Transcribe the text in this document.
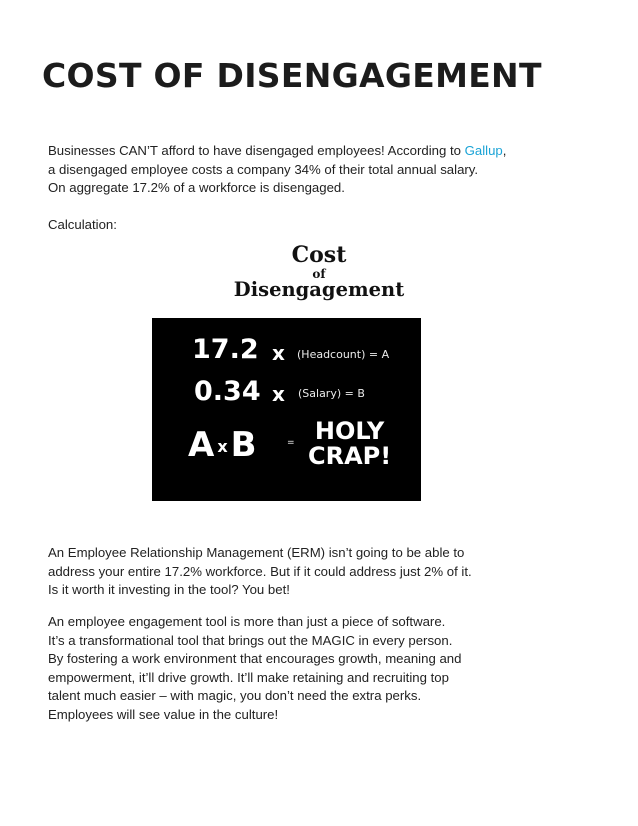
COST OF DISENGAGEMENT
Businesses CAN’T afford to have disengaged employees! According to Gallup,
a disengaged employee costs a company 34% of their total annual salary.
On aggregate 17.2% of a workforce is disengaged.

Calculation:

Cost
of
Disengagement
17.2 x (Headcount) = A
0.34 x (Salary) = B
AxB	= HOLY
CRAP!
An Employee Relationship Management (ERM) isn’t going to be able to
address your entire 17.2% workforce. But if it could address just 2% of it.
Is it worth it investing in the tool? You bet!
An employee engagement tool is more than just a piece of software.
It’s a transformational tool that brings out the MAGIC in every person.
By fostering a work environment that encourages growth, meaning and
empowerment, it’ll drive growth. It’ll make retaining and recruiting top
talent much easier – with magic, you don’t need the extra perks.
Employees will see value in the culture!
